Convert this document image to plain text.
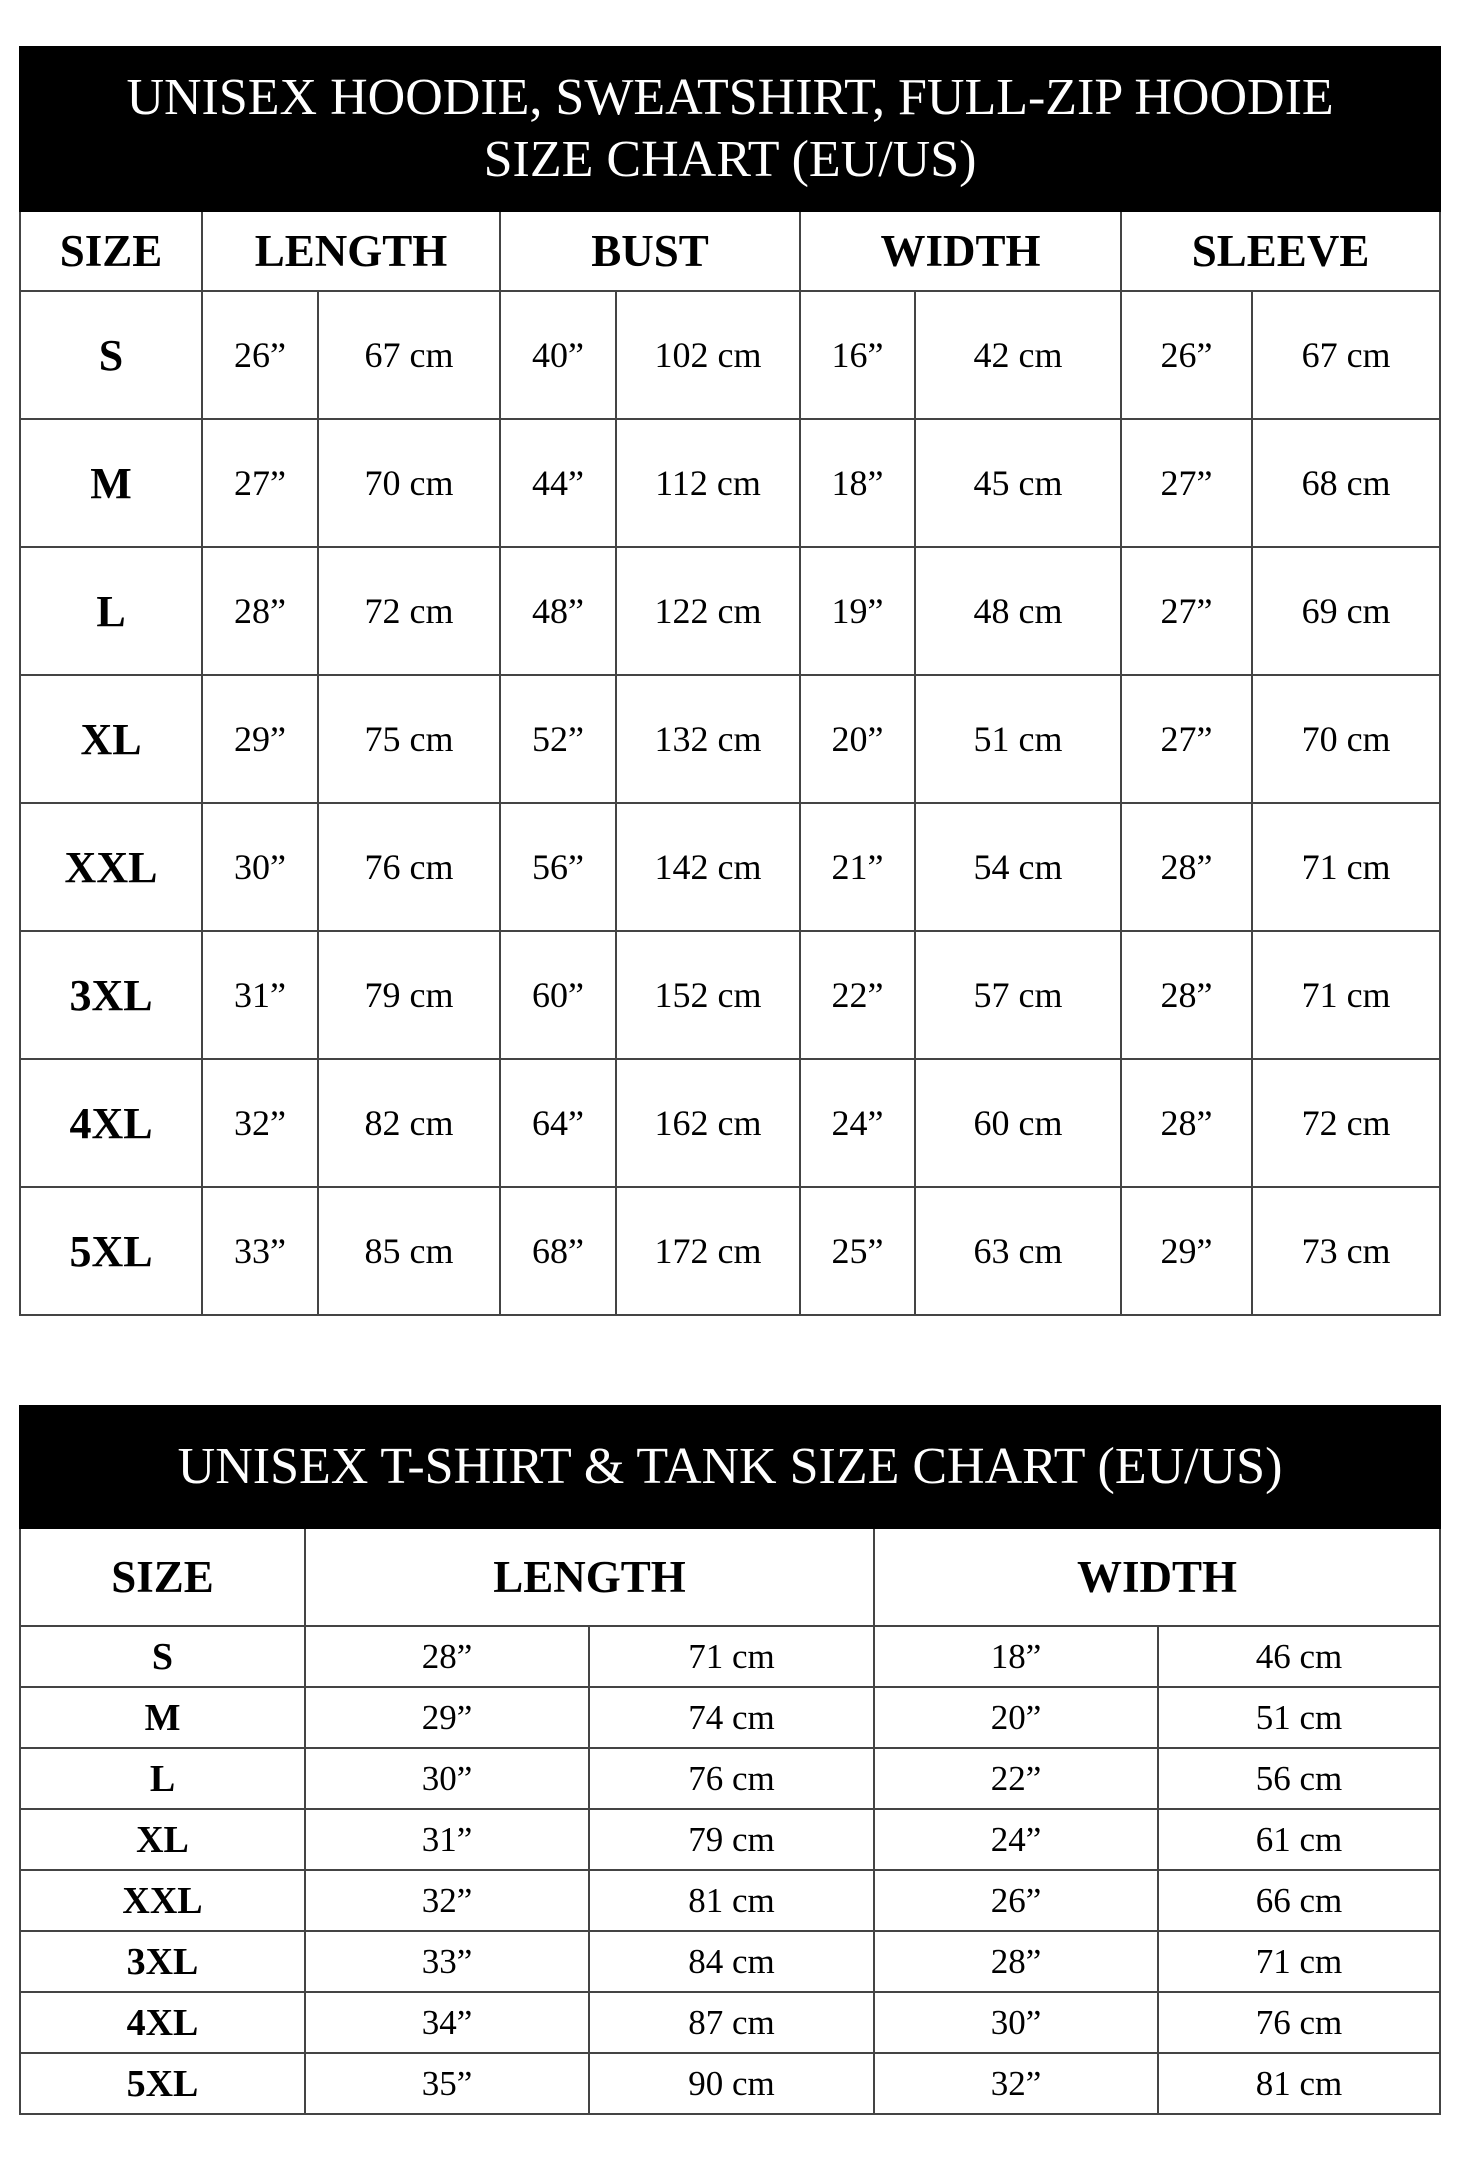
UNISEX HOODIE, SWEATSHIRT, FULL-ZIP HOODIE
SIZE CHART (EU/US)								

SIZE	LENGTH		BUST		WIDTH		SLEEVE	
S	26”	67 cm	40”	102 cm	16”	42 cm	26”	67 cm
M	27”	70 cm	44”	112 cm	18”	45 cm	27”	68 cm
L	28”	72 cm	48”	122 cm	19”	48 cm	27”	69 cm
XL	29”	75 cm	52”	132 cm	20”	51 cm	27”	70 cm
XXL	30”	76 cm	56”	142 cm	21”	54 cm	28”	71 cm
3XL	31”	79 cm	60”	152 cm	22”	57 cm	28”	71 cm
4XL	32”	82 cm	64”	162 cm	24”	60 cm	28”	72 cm
5XL	33”	85 cm	68”	172 cm	25”	63 cm	29”	73 cm
UNISEX T-SHIRT & TANK SIZE CHART (EU/US)				
SIZE	LENGTH		WIDTH	
S	28”	71 cm	18”	46 cm
M	29”	74 cm	20”	51 cm
L	30”	76 cm	22”	56 cm
XL	31”	79 cm	24”	61 cm
XXL	32”	81 cm	26”	66 cm
3XL	33”	84 cm	28”	71 cm
4XL	34”	87 cm	30”	76 cm
5XL	35”	90 cm	32”	81 cm
